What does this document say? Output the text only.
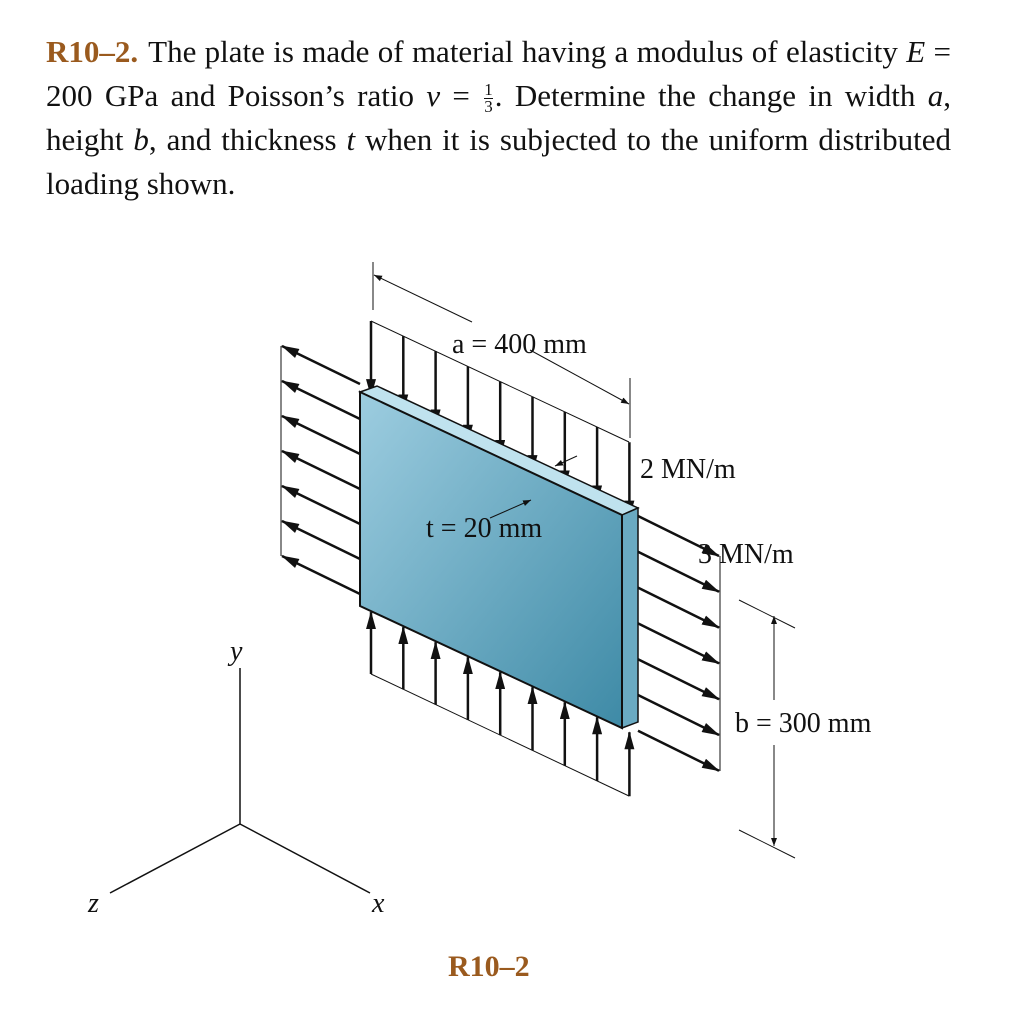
R10–2. The plate is made of material having a modulus of elasticity E = 200 GPa and Poisson’s ratio $\nu = \frac{1}{3}$ . Determine the change in width a, height b, and thickness t when it is subjected to the uniform distributed loading shown.
a = 400 mm
t = 20 mm
2 MN/m
3 MN/m
b = 300 mm
y
z	x
R10–2
